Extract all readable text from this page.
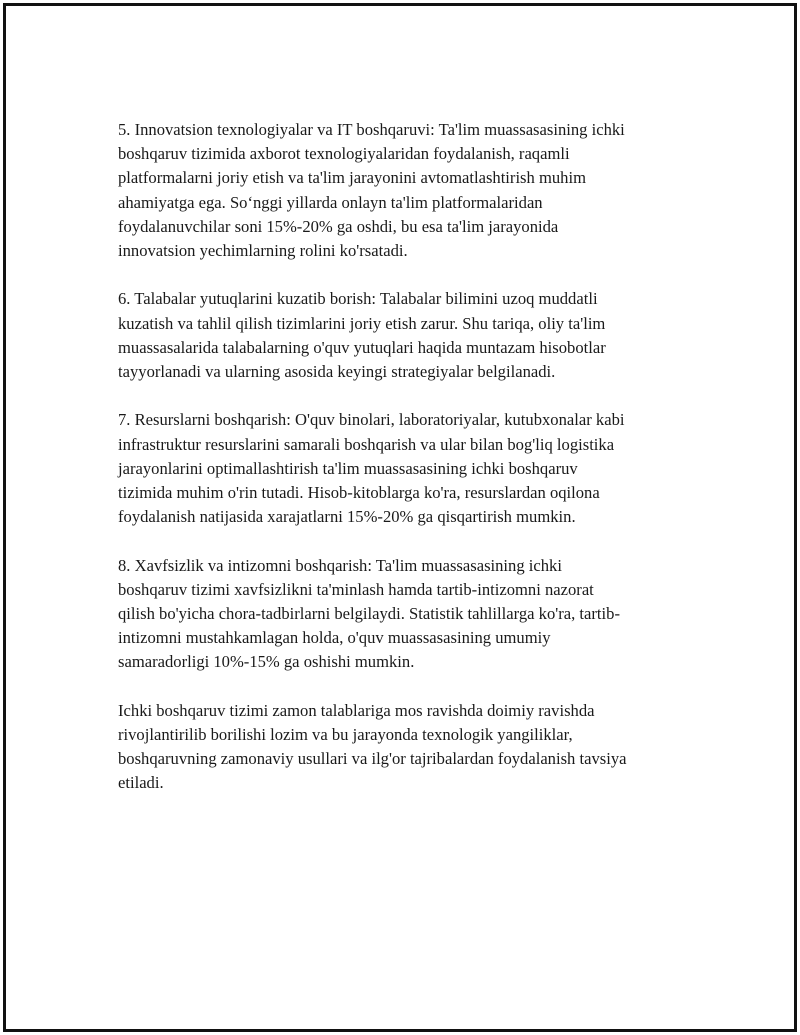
5. Innovatsion texnologiyalar va IT boshqaruvi: Ta'lim muassasasining ichki
boshqaruv tizimida axborot texnologiyalaridan foydalanish, raqamli
platformalarni joriy etish va ta'lim jarayonini avtomatlashtirish muhim
ahamiyatga ega. So‘nggi yillarda onlayn ta'lim platformalaridan
foydalanuvchilar soni 15%-20% ga oshdi, bu esa ta'lim jarayonida
innovatsion yechimlarning rolini ko'rsatadi.

6. Talabalar yutuqlarini kuzatib borish: Talabalar bilimini uzoq muddatli
kuzatish va tahlil qilish tizimlarini joriy etish zarur. Shu tariqa, oliy ta'lim
muassasalarida talabalarning o'quv yutuqlari haqida muntazam hisobotlar
tayyorlanadi va ularning asosida keyingi strategiyalar belgilanadi.

7. Resurslarni boshqarish: O'quv binolari, laboratoriyalar, kutubxonalar kabi
infrastruktur resurslarini samarali boshqarish va ular bilan bog'liq logistika
jarayonlarini optimallashtirish ta'lim muassasasining ichki boshqaruv
tizimida muhim o'rin tutadi. Hisob-kitoblarga ko'ra, resurslardan oqilona
foydalanish natijasida xarajatlarni 15%-20% ga qisqartirish mumkin.

8. Xavfsizlik va intizomni boshqarish: Ta'lim muassasasining ichki
boshqaruv tizimi xavfsizlikni ta'minlash hamda tartib-intizomni nazorat
qilish bo'yicha chora-tadbirlarni belgilaydi. Statistik tahlillarga ko'ra, tartib-
intizomni mustahkamlagan holda, o'quv muassasasining umumiy
samaradorligi 10%-15% ga oshishi mumkin.

Ichki boshqaruv tizimi zamon talablariga mos ravishda doimiy ravishda
rivojlantirilib borilishi lozim va bu jarayonda texnologik yangiliklar,
boshqaruvning zamonaviy usullari va ilg'or tajribalardan foydalanish tavsiya
etiladi.
